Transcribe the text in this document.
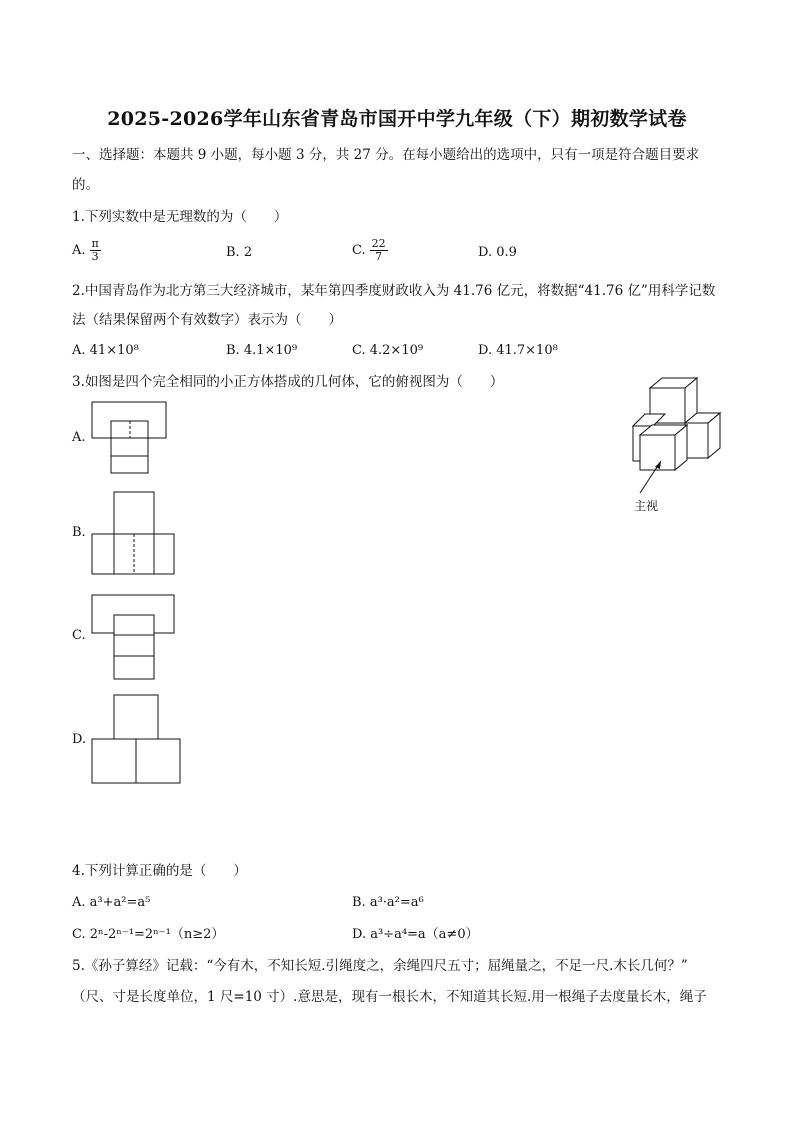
2025-2026学年山东省青岛市国开中学九年级（下）期初数学试卷
一、选择题：本题共 9 小题，每小题 3 分，共 27 分。在每小题给出的选项中，只有一项是符合题目要求
的。
1.下列实数中是无理数的为（　　）
A. $\frac{\pi}{3}$	B. 2	C. $\frac{22}{7}$	D. 0.9
2.中国青岛作为北方第三大经济城市，某年第四季度财政收入为 41.76 亿元，将数据“41.76 亿”用科学记数
法（结果保留两个有效数字）表示为（　　）
A. 41×10⁸	B. 4.1×10⁹	C. 4.2×10⁹	D. 41.7×10⁸
3.如图是四个完全相同的小正方体搭成的几何体，它的俯视图为（　　）
A.
B.
C.
D.
主视
4.下列计算正确的是（　　）
A. a³+a²=a⁵	B. a³·a²=a⁶
C. 2ⁿ-2ⁿ⁻¹=2ⁿ⁻¹（n≥2）	D. a³÷a⁴=a（a≠0）
5.《孙子算经》记载：“今有木，不知长短.引绳度之，余绳四尺五寸；屈绳量之，不足一尺.木长几何？”
（尺、寸是长度单位，1 尺=10 寸）.意思是，现有一根长木，不知道其长短.用一根绳子去度量长木，绳子
